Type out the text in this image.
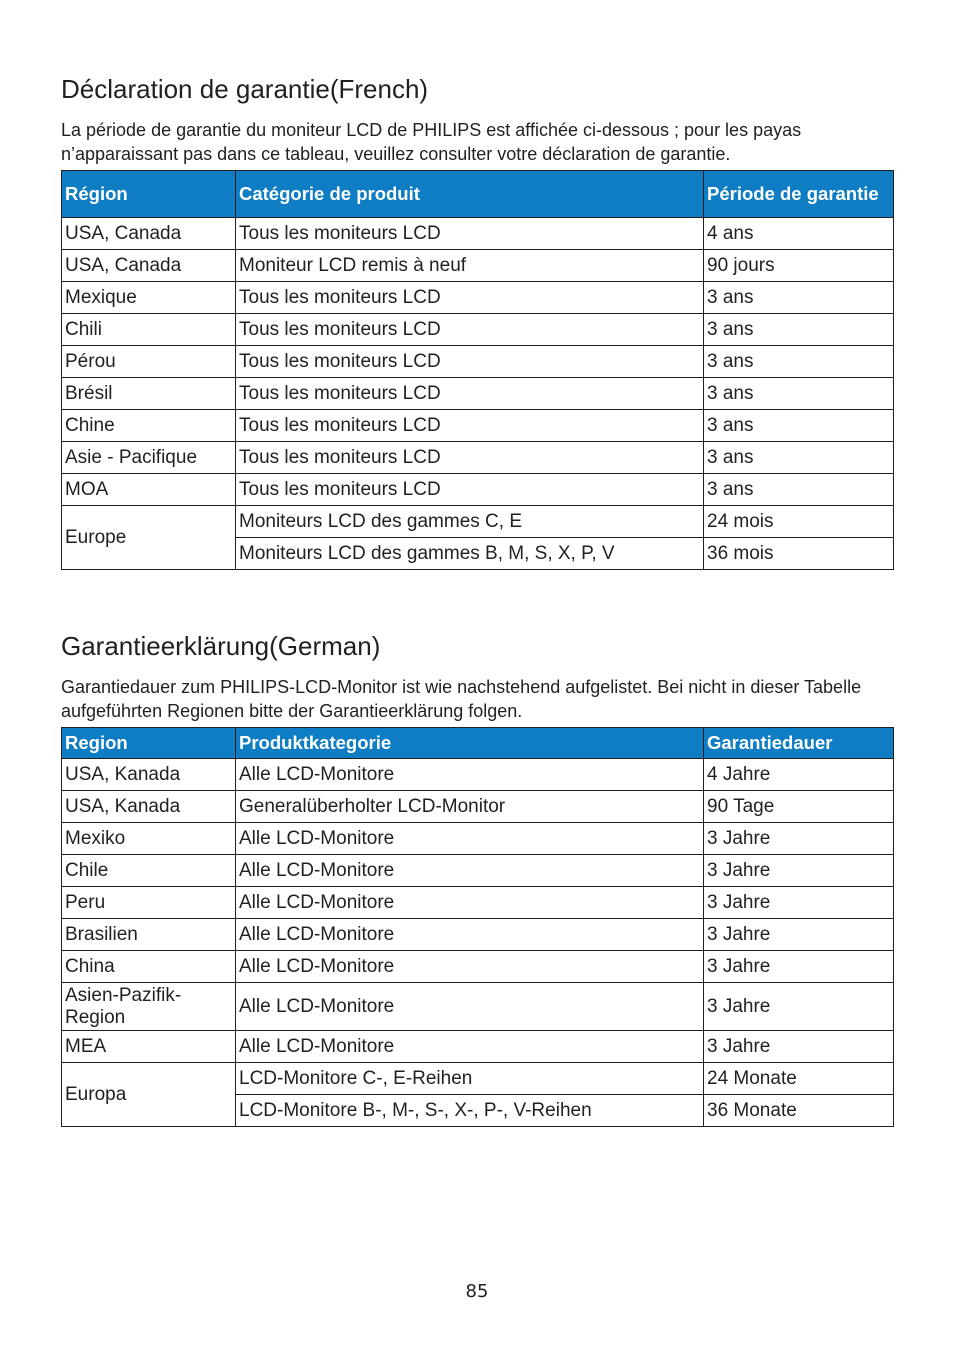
Déclaration de garantie(French)

La période de garantie du moniteur LCD de PHILIPS est affichée ci-dessous ; pour les payas n’apparaissant pas dans ce tableau, veuillez consulter votre déclaration de garantie.

Région	Catégorie de produit	Période de garantie
USA, Canada	Tous les moniteurs LCD	4 ans
USA, Canada	Moniteur LCD remis à neuf	90 jours
Mexique	Tous les moniteurs LCD	3 ans
Chili	Tous les moniteurs LCD	3 ans
Pérou	Tous les moniteurs LCD	3 ans
Brésil	Tous les moniteurs LCD	3 ans
Chine	Tous les moniteurs LCD	3 ans
Asie - Pacifique	Tous les moniteurs LCD	3 ans
MOA	Tous les moniteurs LCD	3 ans
Europe	Moniteurs LCD des gammes C, E	24 mois
	Moniteurs LCD des gammes B, M, S, X, P, V	36 mois
Garantieerklärung(German)

Garantiedauer zum PHILIPS-LCD-Monitor ist wie nachstehend aufgelistet. Bei nicht in dieser Tabelle aufgeführten Regionen bitte der Garantieerklärung folgen.

Region	Produktkategorie	Garantiedauer
USA, Kanada	Alle LCD-Monitore	4 Jahre
USA, Kanada	Generalüberholter LCD-Monitor	90 Tage
Mexiko	Alle LCD-Monitore	3 Jahre
Chile	Alle LCD-Monitore	3 Jahre
Peru	Alle LCD-Monitore	3 Jahre
Brasilien	Alle LCD-Monitore	3 Jahre
China	Alle LCD-Monitore	3 Jahre
Asien-Pazifik-Region	Alle LCD-Monitore	3 Jahre
MEA	Alle LCD-Monitore	3 Jahre
Europa	LCD-Monitore C-, E-Reihen	24 Monate
	LCD-Monitore B-, M-, S-, X-, P-, V-Reihen	36 Monate
85
